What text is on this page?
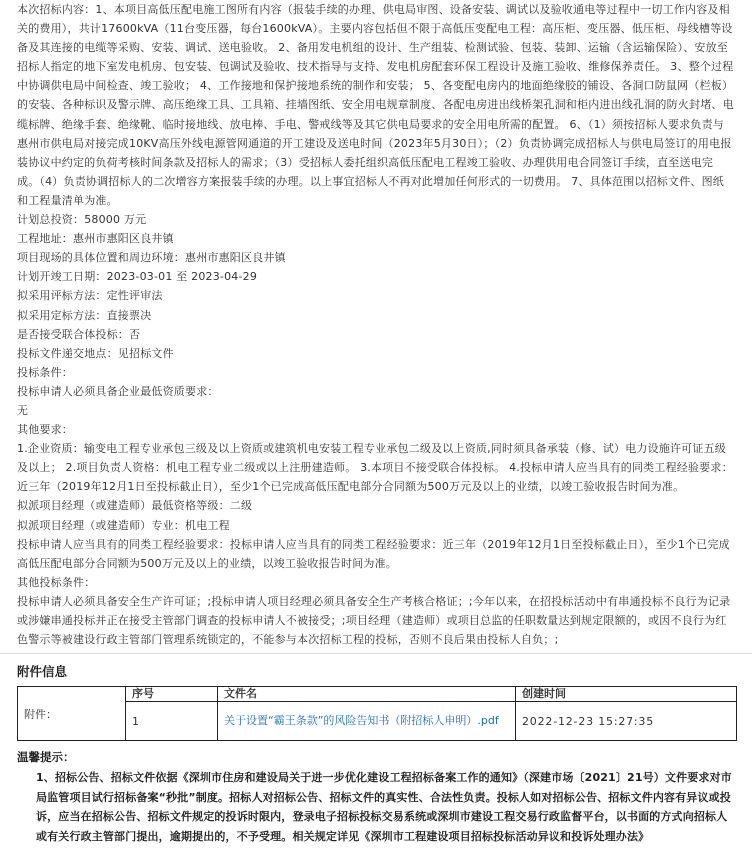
本次招标内容：1、本项目高低压配电施工图所有内容（报装手续的办理、供电局审图、设备安装、调试以及验收通电等过程中一切工作内容及相关的费用），共计17600kVA（11台变压器，每台1600kVA）。主要内容包括但不限于高低压变配电工程：高压柜、变压器、低压柜、母线槽等设备及其连接的电缆等采购、安装、调试、送电验收。 2、备用发电机组的设计、生产组装、检测试验、包装、装卸、运输（含运输保险）、安放至招标人指定的地下室发电机房、包安装、包调试及验收、技术指导与支持、发电机房配套环保工程设计及施工验收、维修保养责任。 3、整个过程中协调供电局中间检查、竣工验收； 4、工作接地和保护接地系统的制作和安装； 5、各变配电房内的地面绝缘胶的铺设、各洞口防鼠网（栏板）的安装、各种标识及警示牌、高压绝缘工具、工具箱、挂墙图纸、安全用电规章制度、各配电房进出线桥架孔洞和柜内进出线孔洞的防火封堵、电缆标牌、绝缘手套、绝缘靴、临时接地线、放电棒、手电、警戒线等及其它供电局要求的安全用电所需的配置。 6、（1）须按招标人要求负责与惠州市供电局对接完成10KV高压外线电源管网通道的开工建设及送电时间（2023年5月30日）；（2）负责协调完成招标人与供电局签订的用电报装协议中约定的负荷考核时间条款及招标人的需求；（3）受招标人委托组织高低压配电工程竣工验收、办理供用电合同签订手续，直至送电完成。（4）负责协调招标人的二次增容方案报装手续的办理。以上事宜招标人不再对此增加任何形式的一切费用。 7、具体范围以招标文件、图纸和工程量清单为准。

计划总投资：58000 万元

工程地址：惠州市惠阳区良井镇

项目现场的具体位置和周边环境：惠州市惠阳区良井镇

计划开竣工日期：2023-03-01 至 2023-04-29

拟采用评标方法：定性评审法

拟采用定标方法：直接票决

是否接受联合体投标：否

投标文件递交地点：见招标文件

投标条件：

投标申请人必须具备企业最低资质要求：

无

其他要求：

1.企业资质：输变电工程专业承包三级及以上资质或建筑机电安装工程专业承包二级及以上资质,同时须具备承装（修、试）电力设施许可证五级及以上； 2.项目负责人资格：机电工程专业二级或以上注册建造师。 3.本项目不接受联合体投标。 4.投标申请人应当具有的同类工程经验要求：近三年（2019年12月1日至投标截止日），至少1个已完成高低压配电部分合同额为500万元及以上的业绩，以竣工验收报告时间为准。

拟派项目经理（或建造师）最低资格等级：二级

拟派项目经理（或建造师）专业：机电工程

投标申请人应当具有的同类工程经验要求：投标申请人应当具有的同类工程经验要求：近三年（2019年12月1日至投标截止日），至少1个已完成高低压配电部分合同额为500万元及以上的业绩，以竣工验收报告时间为准。

其他投标条件：

投标申请人必须具备安全生产许可证；;投标申请人项目经理必须具备安全生产考核合格证；;今年以来，在招投标活动中有串通投标不良行为记录或涉嫌串通投标并正在接受主管部门调查的投标申请人不被接受；;项目经理（建造师）或项目总监的任职数量达到规定限额的，或因不良行为红色警示等被建设行政主管部门管理系统锁定的，不能参与本次招标工程的投标，否则不良后果由投标人自负；;

附件信息
附件：	序号	文件名	创建时间
	1	关于设置“霸王条款”的风险告知书（附招标人申明）.pdf	2022-12-23 15:27:35
温馨提示：
1、招标公告、招标文件依据《深圳市住房和建设局关于进一步优化建设工程招标备案工作的通知》（深建市场〔2021〕21号）文件要求对市局监管项目试行招标备案“秒批”制度。招标人对招标公告、招标文件的真实性、合法性负责。投标人如对招标公告、招标文件内容有异议或投诉，应当在招标公告、招标文件规定的投诉时限内，登录电子招标投标交易系统或深圳市建设工程交易行政监督平台，以书面的方式向招标人或有关行政主管部门提出，逾期提出的，不予受理。相关规定详见《深圳市工程建设项目招标投标活动异议和投诉处理办法》
